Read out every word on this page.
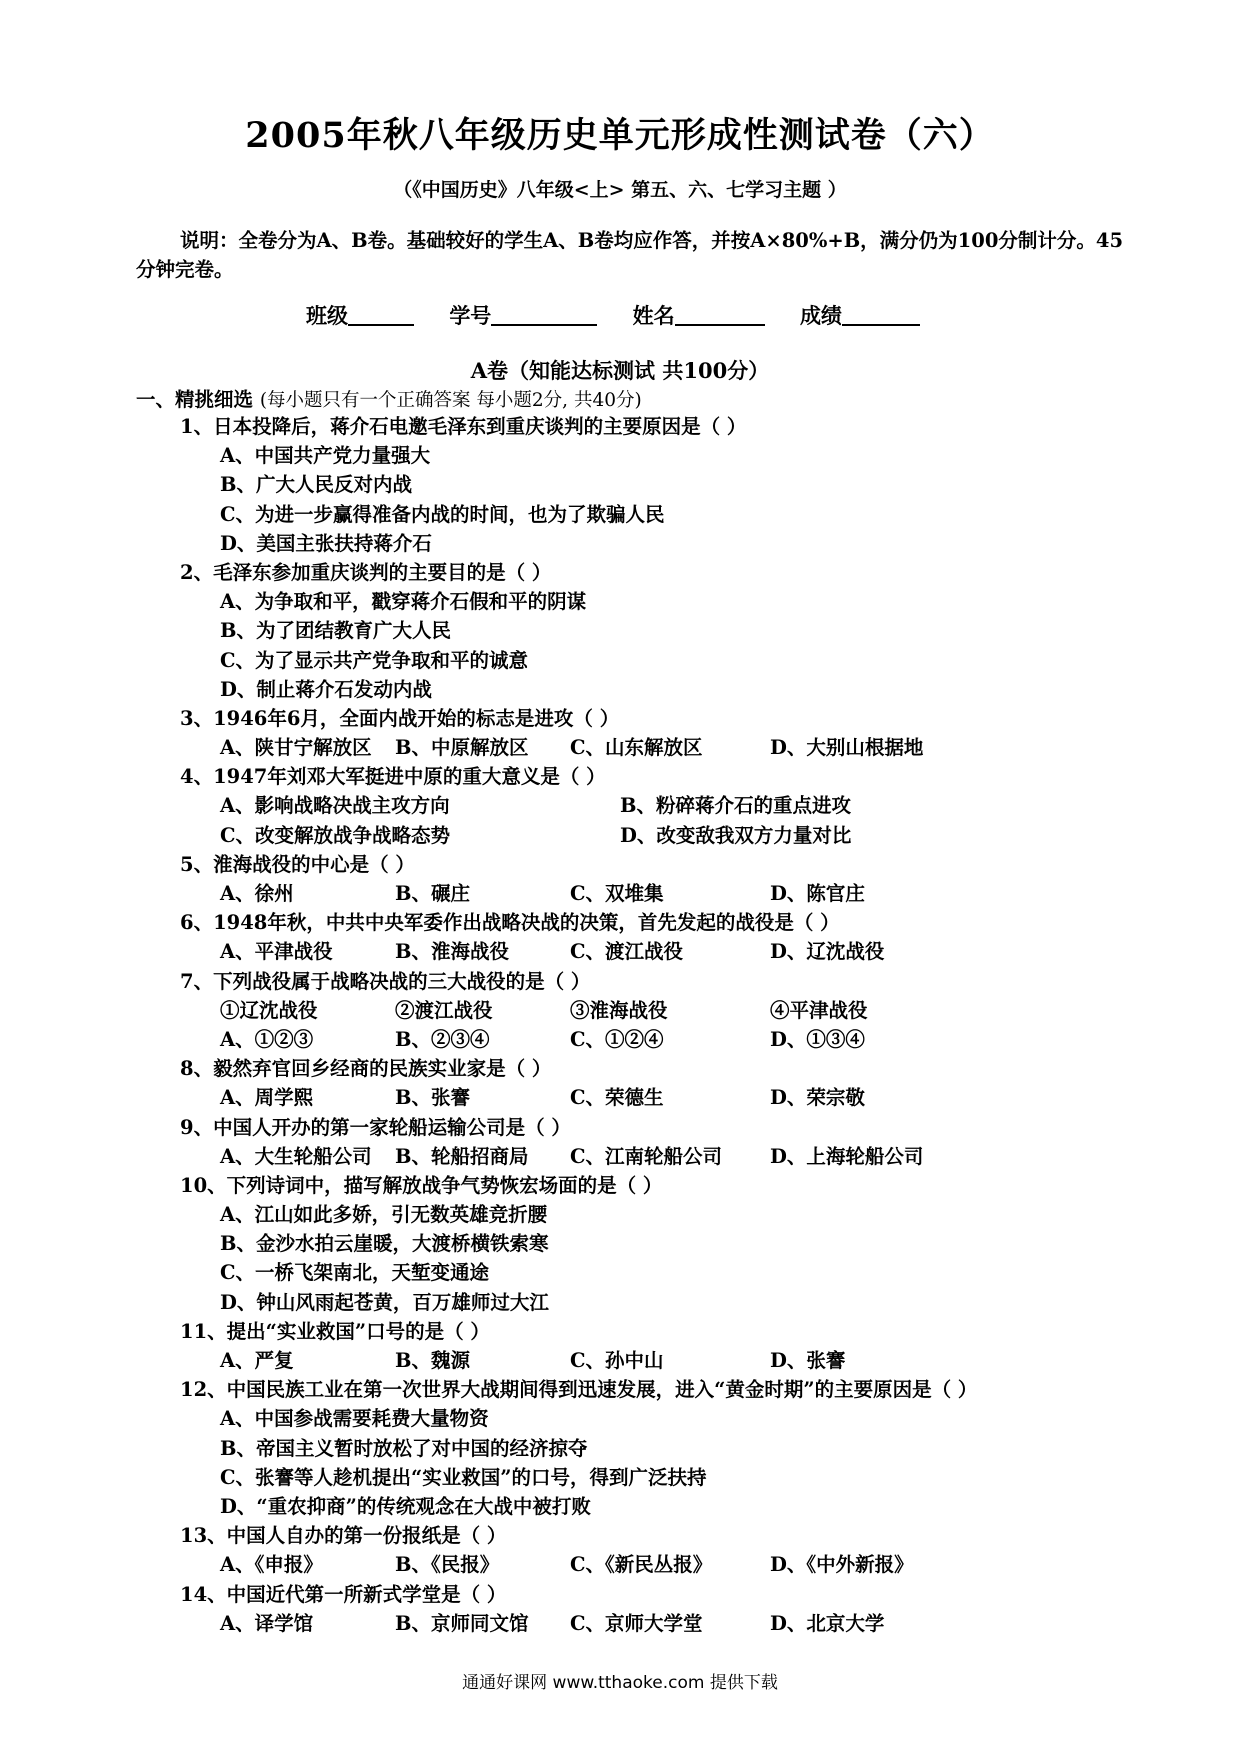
2005年秋八年级历史单元形成性测试卷（六）
（《中国历史》八年级<上> 第五、六、七学习主题 ）
说明：全卷分为A、B卷。基础较好的学生A、B卷均应作答，并按A×80%+B，满分仍为100分制计分。45分钟完卷。
班级	学号	姓名	成绩
A卷（知能达标测试 共100分）
一、精挑细选 (每小题只有一个正确答案 每小题2分, 共40分)
1、日本投降后，蒋介石电邀毛泽东到重庆谈判的主要原因是（ ）
A、中国共产党力量强大
B、广大人民反对内战
C、为进一步赢得准备内战的时间，也为了欺骗人民
D、美国主张扶持蒋介石
2、毛泽东参加重庆谈判的主要目的是（ ）
A、为争取和平，戳穿蒋介石假和平的阴谋
B、为了团结教育广大人民
C、为了显示共产党争取和平的诚意
D、制止蒋介石发动内战
3、1946年6月，全面内战开始的标志是进攻（ ）
A、陕甘宁解放区 B、中原解放区 C、山东解放区	D、大别山根据地
4、1947年刘邓大军挺进中原的重大意义是（ ）
A、影响战略决战主攻方向	B、粉碎蒋介石的重点进攻
C、改变解放战争战略态势	D、改变敌我双方力量对比
5、淮海战役的中心是（ ）
A、徐州	B、碾庄	C、双堆集	D、陈官庄
6、1948年秋，中共中央军委作出战略决战的决策，首先发起的战役是（ ）
A、平津战役	B、淮海战役	C、渡江战役	D、辽沈战役
7、下列战役属于战略决战的三大战役的是（ ）
①辽沈战役	②渡江战役	③淮海战役	④平津战役
A、①②③	B、②③④	C、①②④	D、①③④
8、毅然弃官回乡经商的民族实业家是（ ）
A、周学熙	B、张謇	C、荣德生	D、荣宗敬
9、中国人开办的第一家轮船运输公司是（ ）
A、大生轮船公司 B、轮船招商局 C、江南轮船公司 D、上海轮船公司
10、下列诗词中，描写解放战争气势恢宏场面的是（ ）
A、江山如此多娇，引无数英雄竞折腰
B、金沙水拍云崖暖，大渡桥横铁索寒
C、一桥飞架南北，天堑变通途
D、钟山风雨起苍黄，百万雄师过大江
11、提出“实业救国”口号的是（ ）
A、严复	B、魏源	C、孙中山	D、张謇
12、中国民族工业在第一次世界大战期间得到迅速发展，进入“黄金时期”的主要原因是（ ）
A、中国参战需要耗费大量物资
B、帝国主义暂时放松了对中国的经济掠夺
C、张謇等人趁机提出“实业救国”的口号，得到广泛扶持
D、“重农抑商”的传统观念在大战中被打败
13、中国人自办的第一份报纸是（ ）
A、《申报》	B、《民报》	C、《新民丛报》	D、《中外新报》
14、中国近代第一所新式学堂是（ ）
A、译学馆	B、京师同文馆 C、京师大学堂	D、北京大学
通通好课网 www.tthaoke.com 提供下载
